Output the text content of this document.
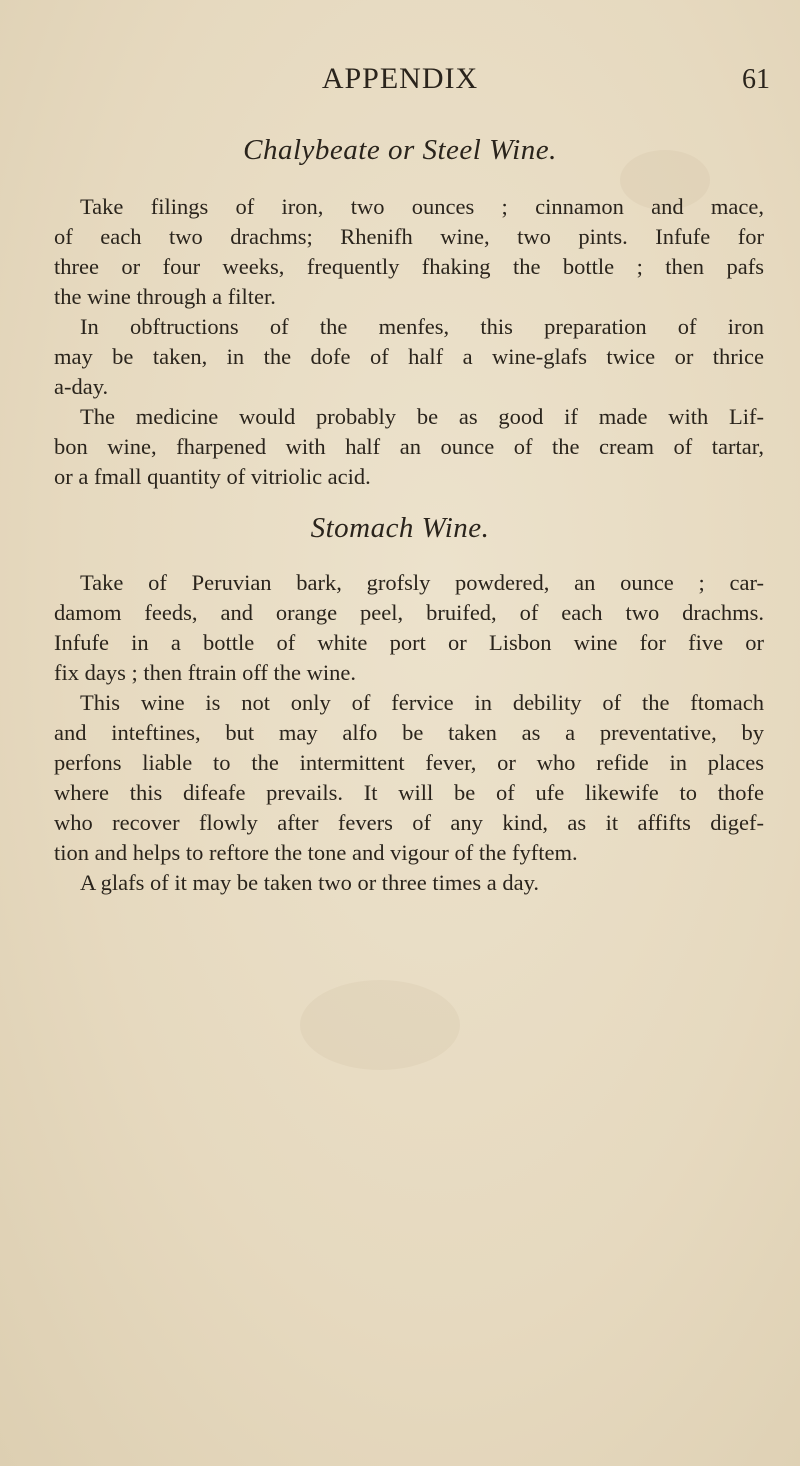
APPENDIX	61
Chalybeate or Steel Wine.
Take filings of iron, two ounces ; cinnamon and mace,
of each two drachms; Rhenifh wine, two pints. Infufe for
three or four weeks, frequently fhaking the bottle ; then pafs
the wine through a filter.
In obftructions of the menfes, this preparation of iron
may be taken, in the dofe of half a wine-glafs twice or thrice
a-day.
The medicine would probably be as good if made with Lif-
bon wine, fharpened with half an ounce of the cream of tartar,
or a fmall quantity of vitriolic acid.
Stomach Wine.
Take of Peruvian bark, grofsly powdered, an ounce ; car-
damom feeds, and orange peel, bruifed, of each two drachms.
Infufe in a bottle of white port or Lisbon wine for five or
fix days ; then ftrain off the wine.
This wine is not only of fervice in debility of the ftomach
and inteftines, but may alfo be taken as a preventative, by
perfons liable to the intermittent fever, or who refide in places
where this difeafe prevails. It will be of ufe likewife to thofe
who recover flowly after fevers of any kind, as it affifts digef-
tion and helps to reftore the tone and vigour of the fyftem.
A glafs of it may be taken two or three times a day.
